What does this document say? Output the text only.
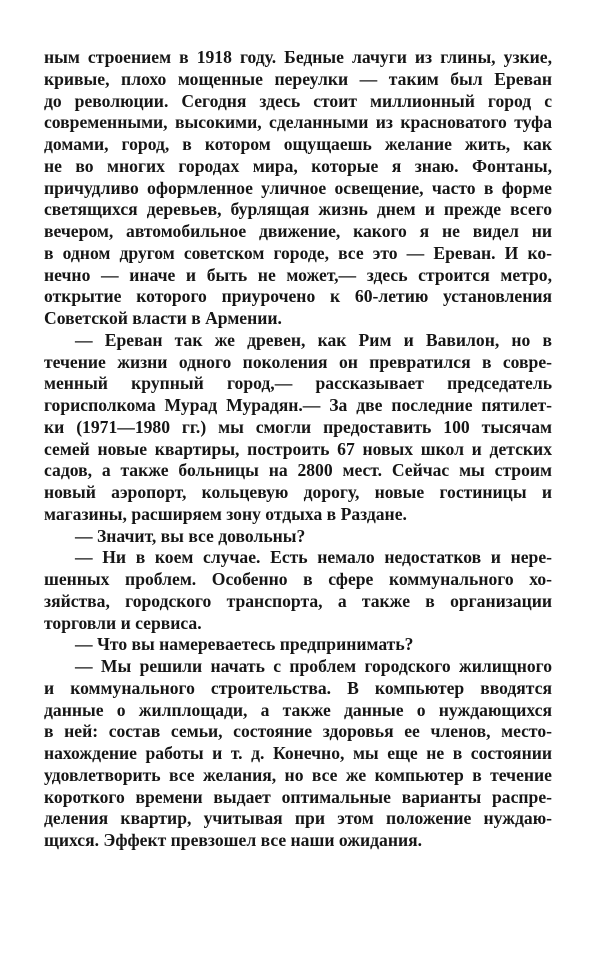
ным строением в 1918 году. Бедные лачуги из глины, узкие,
кривые, плохо мощенные переулки — таким был Ереван
до революции. Сегодня здесь стоит миллионный город с
современными, высокими, сделанными из красноватого туфа
домами, город, в котором ощущаешь желание жить, как
не во многих городах мира, которые я знаю. Фонтаны,
причудливо оформленное уличное освещение, часто в форме
светящихся деревьев, бурлящая жизнь днем и прежде всего
вечером, автомобильное движение, какого я не видел ни
в одном другом советском городе, все это — Ереван. И ко-
нечно — иначе и быть не может,— здесь строится метро,
открытие которого приурочено к 60-летию установления
Советской власти в Армении.
— Ереван так же древен, как Рим и Вавилон, но в
течение жизни одного поколения он превратился в совре-
менный крупный город,— рассказывает председатель
горисполкома Мурад Мурадян.— За две последние пятилет-
ки (1971—1980 гг.) мы смогли предоставить 100 тысячам
семей новые квартиры, построить 67 новых школ и детских
садов, а также больницы на 2800 мест. Сейчас мы строим
новый аэропорт, кольцевую дорогу, новые гостиницы и
магазины, расширяем зону отдыха в Раздане.
— Значит, вы все довольны?
— Ни в коем случае. Есть немало недостатков и нере-
шенных проблем. Особенно в сфере коммунального хо-
зяйства, городского транспорта, а также в организации
торговли и сервиса.
— Что вы намереваетесь предпринимать?
— Мы решили начать с проблем городского жилищного
и коммунального строительства. В компьютер вводятся
данные о жилплощади, а также данные о нуждающихся
в ней: состав семьи, состояние здоровья ее членов, место-
нахождение работы и т. д. Конечно, мы еще не в состоянии
удовлетворить все желания, но все же компьютер в течение
короткого времени выдает оптимальные варианты распре-
деления квартир, учитывая при этом положение нуждаю-
щихся. Эффект превзошел все наши ожидания.
